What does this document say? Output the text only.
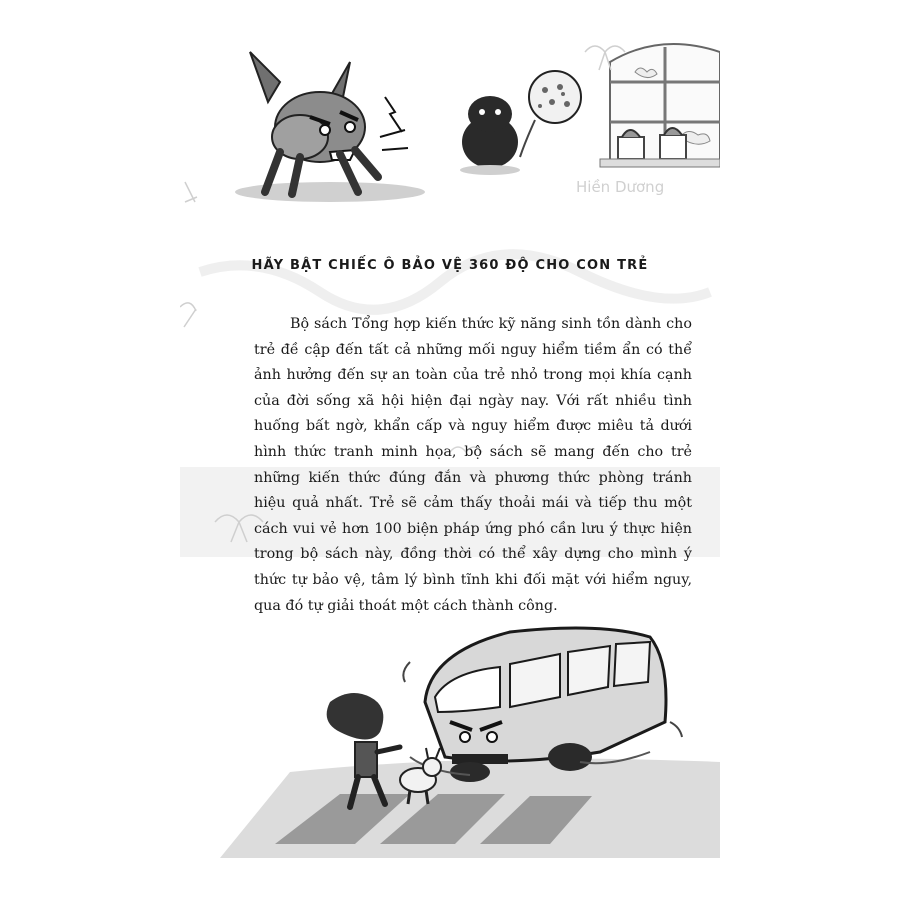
Hiền Dương
HÃY BẬT CHIẾC Ô BẢO VỆ 360 ĐỘ CHO CON TRẺ
Bộ sách Tổng hợp kiến thức kỹ năng sinh tồn dành cho trẻ đề cập đến tất cả những mối nguy hiểm tiềm ẩn có thể ảnh hưởng đến sự an toàn của trẻ nhỏ trong mọi khía cạnh của đời sống xã hội hiện đại ngày nay. Với rất nhiều tình huống bất ngờ, khẩn cấp và nguy hiểm được miêu tả dưới hình thức tranh minh họa, bộ sách sẽ mang đến cho trẻ những kiến thức đúng đắn và phương thức phòng tránh hiệu quả nhất. Trẻ sẽ cảm thấy thoải mái và tiếp thu một cách vui vẻ hơn 100 biện pháp ứng phó cần lưu ý thực hiện trong bộ sách này, đồng thời có thể xây dựng cho mình ý thức tự bảo vệ, tâm lý bình tĩnh khi đối mặt với hiểm nguy, qua đó tự giải thoát một cách thành công.
